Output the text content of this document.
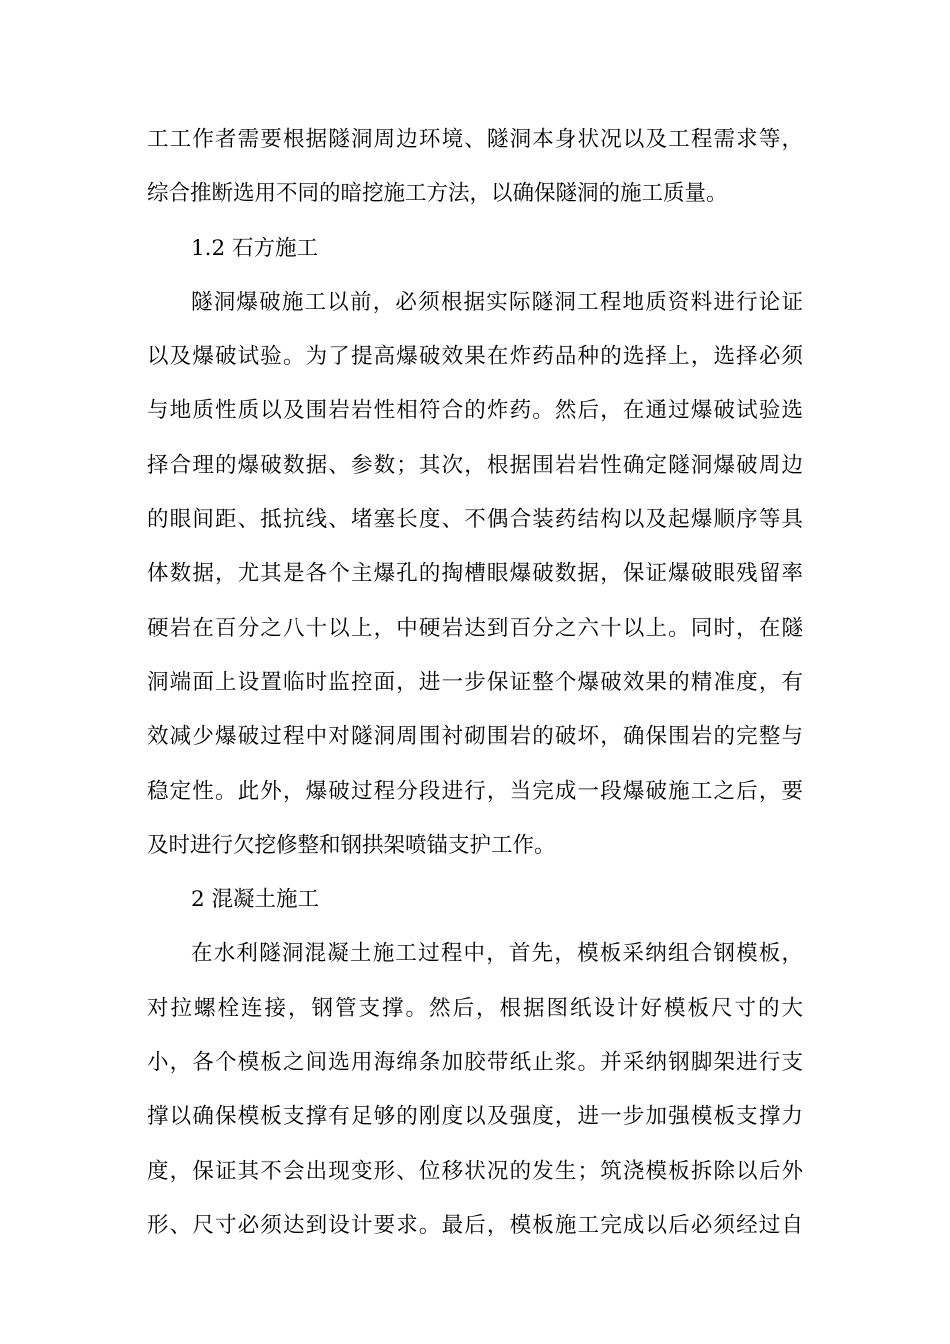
工工作者需要根据隧洞周边环境、隧洞本身状况以及工程需求等，
综合推断选用不同的暗挖施工方法，以确保隧洞的施工质量。
1.2 石方施工
隧洞爆破施工以前，必须根据实际隧洞工程地质资料进行论证
以及爆破试验。为了提高爆破效果在炸药品种的选择上，选择必须
与地质性质以及围岩岩性相符合的炸药。然后，在通过爆破试验选
择合理的爆破数据、参数；其次，根据围岩岩性确定隧洞爆破周边
的眼间距、抵抗线、堵塞长度、不偶合装药结构以及起爆顺序等具
体数据，尤其是各个主爆孔的掏槽眼爆破数据，保证爆破眼残留率
硬岩在百分之八十以上，中硬岩达到百分之六十以上。同时，在隧
洞端面上设置临时监控面，进一步保证整个爆破效果的精准度，有
效减少爆破过程中对隧洞周围衬砌围岩的破坏，确保围岩的完整与
稳定性。此外，爆破过程分段进行，当完成一段爆破施工之后，要
及时进行欠挖修整和钢拱架喷锚支护工作。
2 混凝土施工
在水利隧洞混凝土施工过程中，首先，模板采纳组合钢模板，
对拉螺栓连接，钢管支撑。然后，根据图纸设计好模板尺寸的大
小，各个模板之间选用海绵条加胶带纸止浆。并采纳钢脚架进行支
撑以确保模板支撑有足够的刚度以及强度，进一步加强模板支撑力
度，保证其不会出现变形、位移状况的发生；筑浇模板拆除以后外
形、尺寸必须达到设计要求。最后，模板施工完成以后必须经过自
